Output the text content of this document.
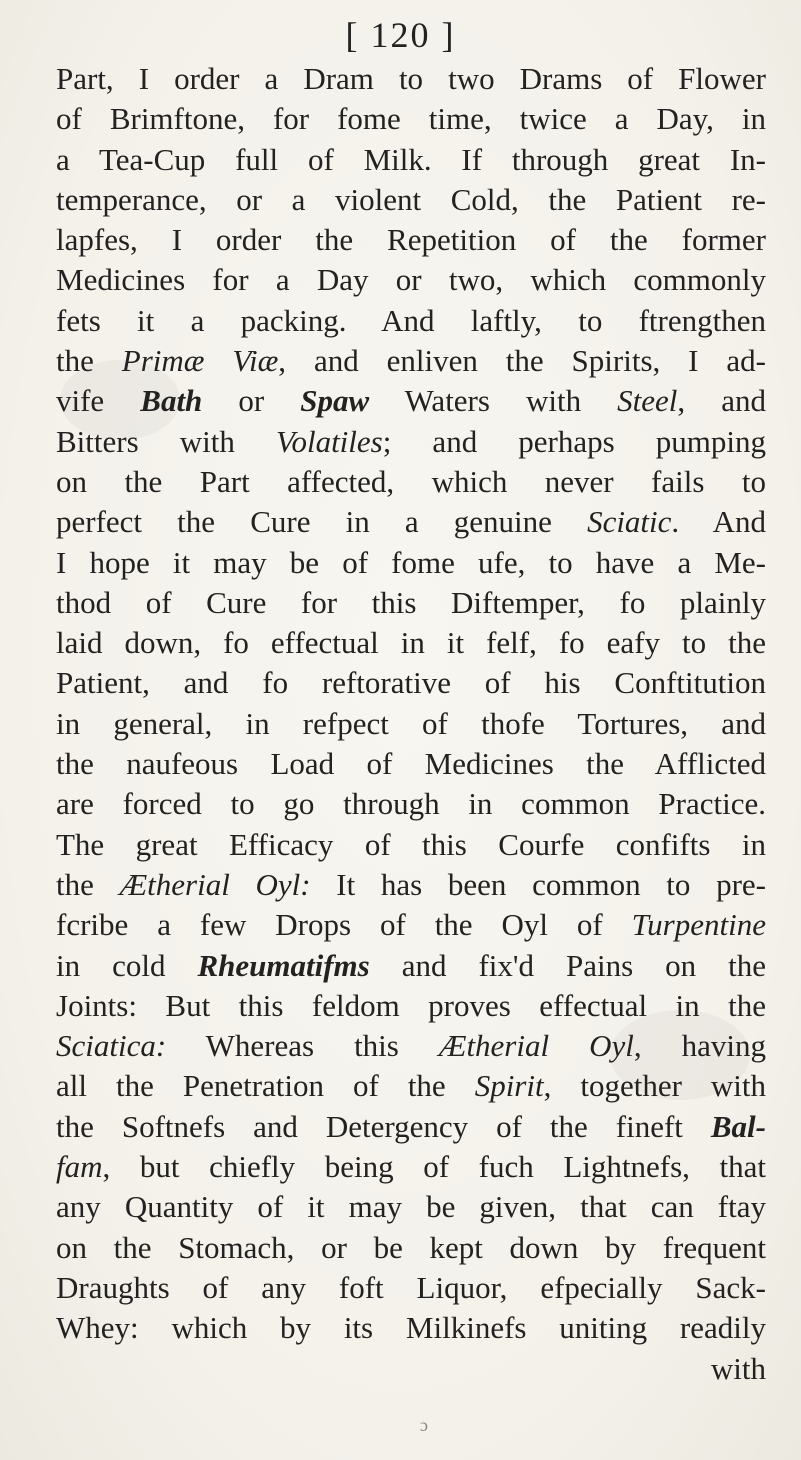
[ 120 ]
Part, I order a Dram to two Drams of Flower
of Brimftone, for fome time, twice a Day, in
a Tea-Cup full of Milk. If through great In-
temperance, or a violent Cold, the Patient re-
lapfes, I order the Repetition of the former
Medicines for a Day or two, which commonly
fets it a packing. And laftly, to ftrengthen
the Primæ Viæ, and enliven the Spirits, I ad-
vife Bath or Spaw Waters with Steel, and
Bitters with Volatiles; and perhaps pumping
on the Part affected, which never fails to
perfect the Cure in a genuine Sciatic. And
I hope it may be of fome ufe, to have a Me-
thod of Cure for this Diftemper, fo plainly
laid down, fo effectual in it felf, fo eafy to the
Patient, and fo reftorative of his Conftitution
in general, in refpect of thofe Tortures, and
the naufeous Load of Medicines the Afflicted
are forced to go through in common Practice.
The great Efficacy of this Courfe confifts in
the Ætherial Oyl: It has been common to pre-
fcribe a few Drops of the Oyl of Turpentine
in cold Rheumatifms and fix'd Pains on the
Joints: But this feldom proves effectual in the
Sciatica: Whereas this Ætherial Oyl, having
all the Penetration of the Spirit, together with
the Softnefs and Detergency of the fineft Bal-
fam, but chiefly being of fuch Lightnefs, that
any Quantity of it may be given, that can ftay
on the Stomach, or be kept down by frequent
Draughts of any foft Liquor, efpecially Sack-
Whey: which by its Milkinefs uniting readily
with
ɔ
